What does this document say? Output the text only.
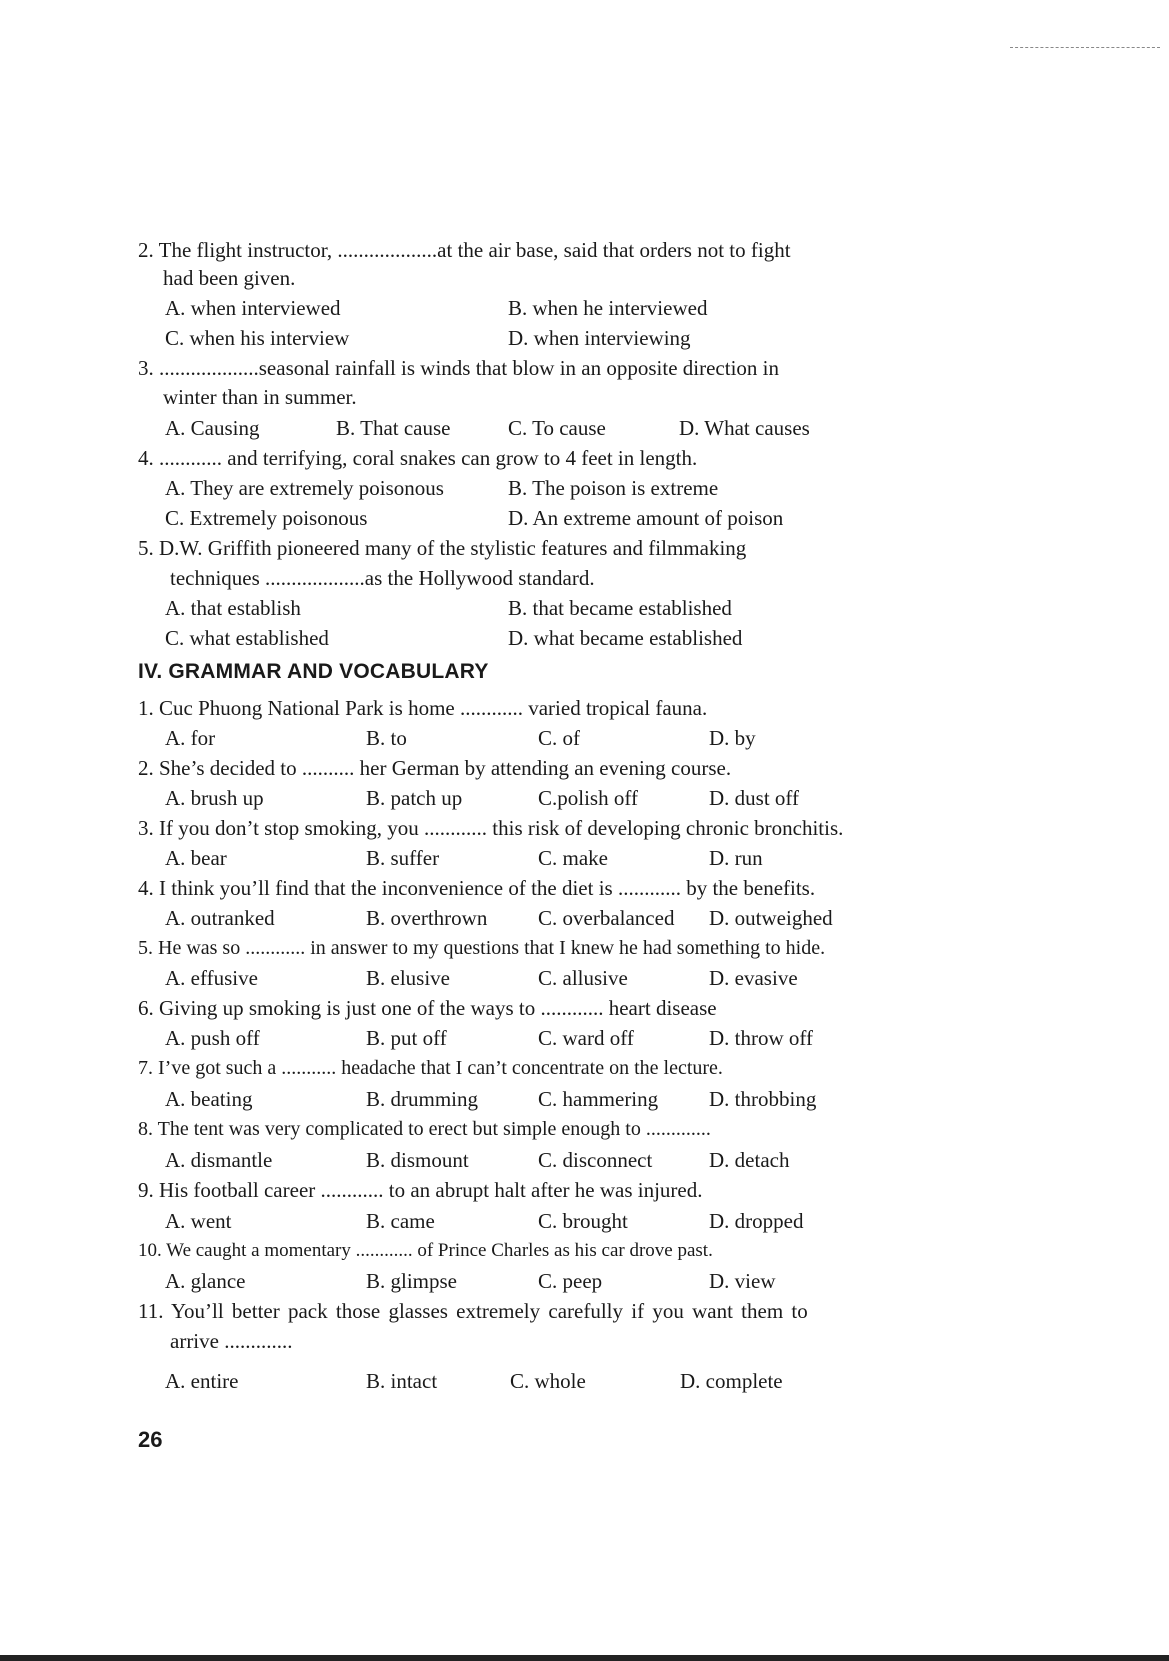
2. The flight instructor, ...................at the air base, said that orders not to fight
had been given.
A. when interviewed	B. when he interviewed
C. when his interview	D. when interviewing
3. ...................seasonal rainfall is winds that blow in an opposite direction in
winter than in summer.
A. Causing	B. That cause	C. To cause	D. What causes
4. ............ and terrifying, coral snakes can grow to 4 feet in length.
A. They are extremely poisonous	B. The poison is extreme
C. Extremely poisonous	D. An extreme amount of poison
5. D.W. Griffith pioneered many of the stylistic features and filmmaking
techniques ...................as the Hollywood standard.
A. that establish	B. that became established
C. what established	D. what became established
IV. GRAMMAR AND VOCABULARY
1. Cuc Phuong National Park is home ............ varied tropical fauna.
A. for	B. to	C. of	D. by
2. She’s decided to .......... her German by attending an evening course.
A. brush up	B. patch up	C.polish off	D. dust off
3. If you don’t stop smoking, you ............ this risk of developing chronic bronchitis.
A. bear	B. suffer	C. make	D. run
4. I think you’ll find that the inconvenience of the diet is ............ by the benefits.
A. outranked	B. overthrown C. overbalanced D. outweighed
5. He was so ............ in answer to my questions that I knew he had something to hide.
A. effusive	B. elusive	C. allusive	D. evasive
6. Giving up smoking is just one of the ways to ............ heart disease
A. push off	B. put off	C. ward off	D. throw off
7. I’ve got such a ........... headache that I can’t concentrate on the lecture.
A. beating	B. drumming	C. hammering D. throbbing
8. The tent was very complicated to erect but simple enough to .............
A. dismantle	B. dismount	C. disconnect	D. detach
9. His football career ............ to an abrupt halt after he was injured.
A. went	B. came	C. brought	D. dropped
10. We caught a momentary ............ of Prince Charles as his car drove past.
A. glance	B. glimpse	C. peep	D. view
11. You’ll better pack those glasses extremely carefully if you want them to
arrive .............
A. entire	B. intact	C. whole	D. complete
26
